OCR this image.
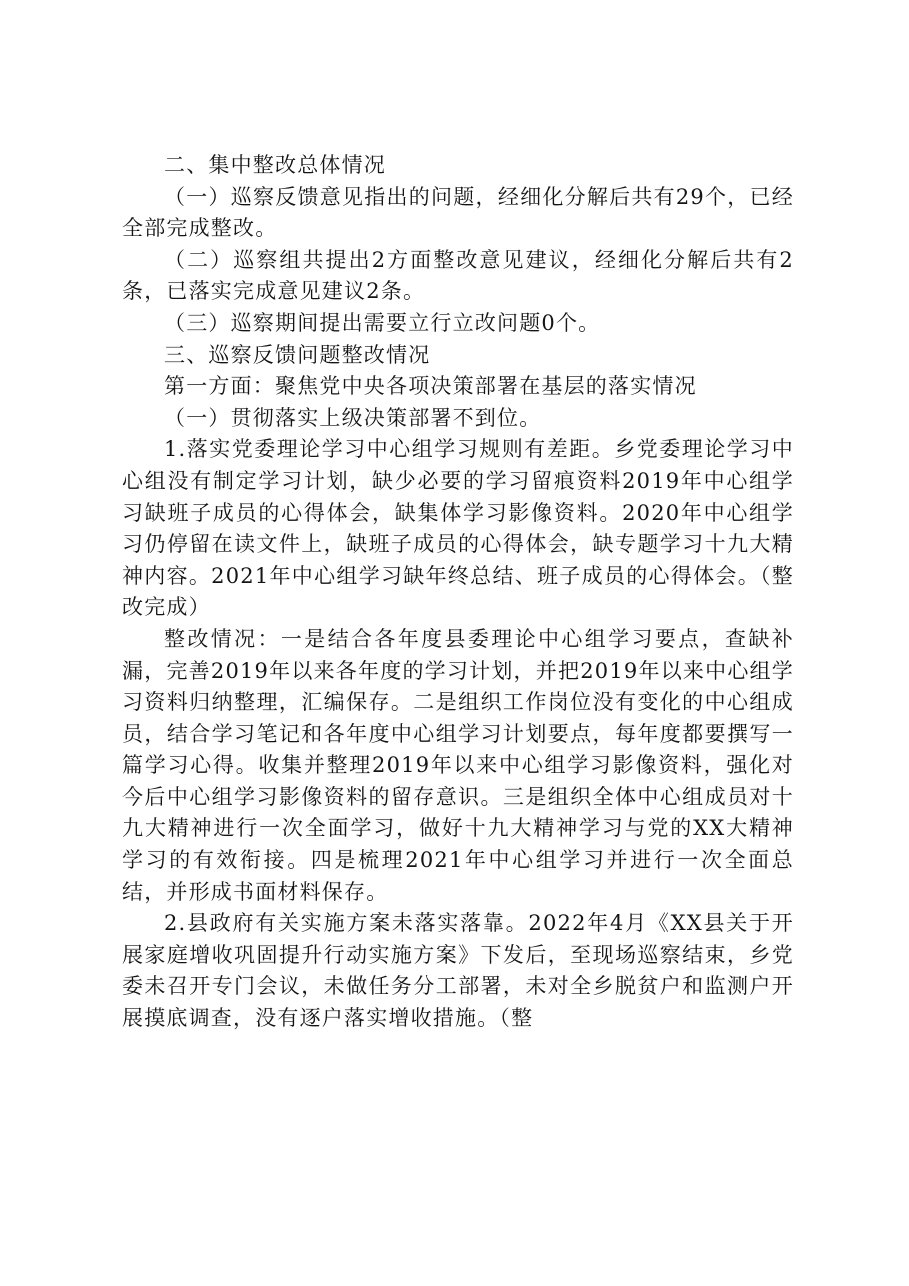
二、集中整改总体情况

（一）巡察反馈意见指出的问题，经细化分解后共有29个，已经全部完成整改。

（二）巡察组共提出2方面整改意见建议，经细化分解后共有2条，已落实完成意见建议2条。

（三）巡察期间提出需要立行立改问题0个。

三、巡察反馈问题整改情况

第一方面：聚焦党中央各项决策部署在基层的落实情况

（一）贯彻落实上级决策部署不到位。

1.落实党委理论学习中心组学习规则有差距。乡党委理论学习中心组没有制定学习计划，缺少必要的学习留痕资料2019年中心组学习缺班子成员的心得体会，缺集体学习影像资料。2020年中心组学习仍停留在读文件上，缺班子成员的心得体会，缺专题学习十九大精神内容。2021年中心组学习缺年终总结、班子成员的心得体会。（整改完成）

整改情况：一是结合各年度县委理论中心组学习要点，查缺补漏，完善2019年以来各年度的学习计划，并把2019年以来中心组学习资料归纳整理，汇编保存。二是组织工作岗位没有变化的中心组成员，结合学习笔记和各年度中心组学习计划要点，每年度都要撰写一篇学习心得。收集并整理2019年以来中心组学习影像资料，强化对今后中心组学习影像资料的留存意识。三是组织全体中心组成员对十九大精神进行一次全面学习，做好十九大精神学习与党的XX大精神学习的有效衔接。四是梳理2021年中心组学习并进行一次全面总结，并形成书面材料保存。

2.县政府有关实施方案未落实落靠。2022年4月《XX县关于开展家庭增收巩固提升行动实施方案》下发后，至现场巡察结束，乡党委未召开专门会议，未做任务分工部署，未对全乡脱贫户和监测户开展摸底调查，没有逐户落实增收措施。（整
